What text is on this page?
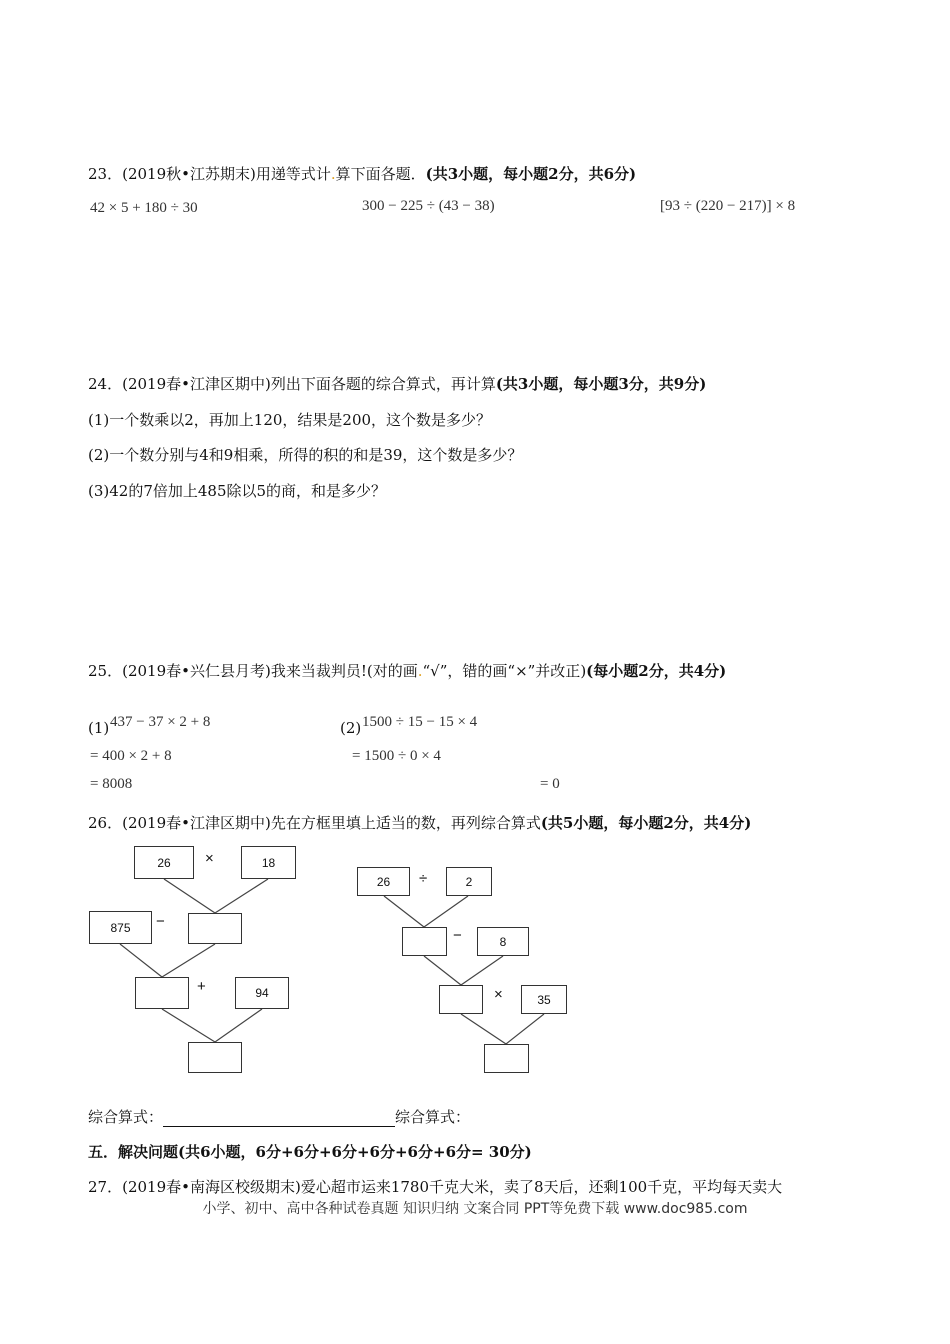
23．(2019秋•江苏期末)用递等式计.算下面各题．(共3小题，每小题2分，共6分)
42 × 5 + 180 ÷ 30	300 − 225 ÷ (43 − 38)	[93 ÷ (220 − 217)] × 8
24．(2019春•江津区期中)列出下面各题的综合算式，再计算(共3小题，每小题3分，共9分)
(1)一个数乘以2，再加上120，结果是200，这个数是多少？
(2)一个数分别与4和9相乘，所得的积的和是39，这个数是多少？
(3)42的7倍加上485除以5的商，和是多少？
25．(2019春•兴仁县月考)我来当裁判员!(对的画.“√”，错的画“×”并改正)(每小题2分，共4分)
(1) 437 − 37 × 2 + 8
= 400 × 2 + 8
= 8008
(2) 1500 ÷ 15 − 15 × 4
= 1500 ÷ 0 × 4
= 0
26．(2019春•江津区期中)先在方框里填上适当的数，再列综合算式(共5小题，每小题2分，共4分)
26	×	18
875	−
+	94
26	÷	2
−	8
×	35
综合算式：	综合算式：
五．解决问题(共6小题，6分+6分+6分+6分+6分+6分= 30分)
27．(2019春•南海区校级期末)爱心超市运来1780千克大米，卖了8天后，还剩100千克，平均每天卖大
小学、初中、高中各种试卷真题 知识归纳 文案合同 PPT等免费下载 www.doc985.com
